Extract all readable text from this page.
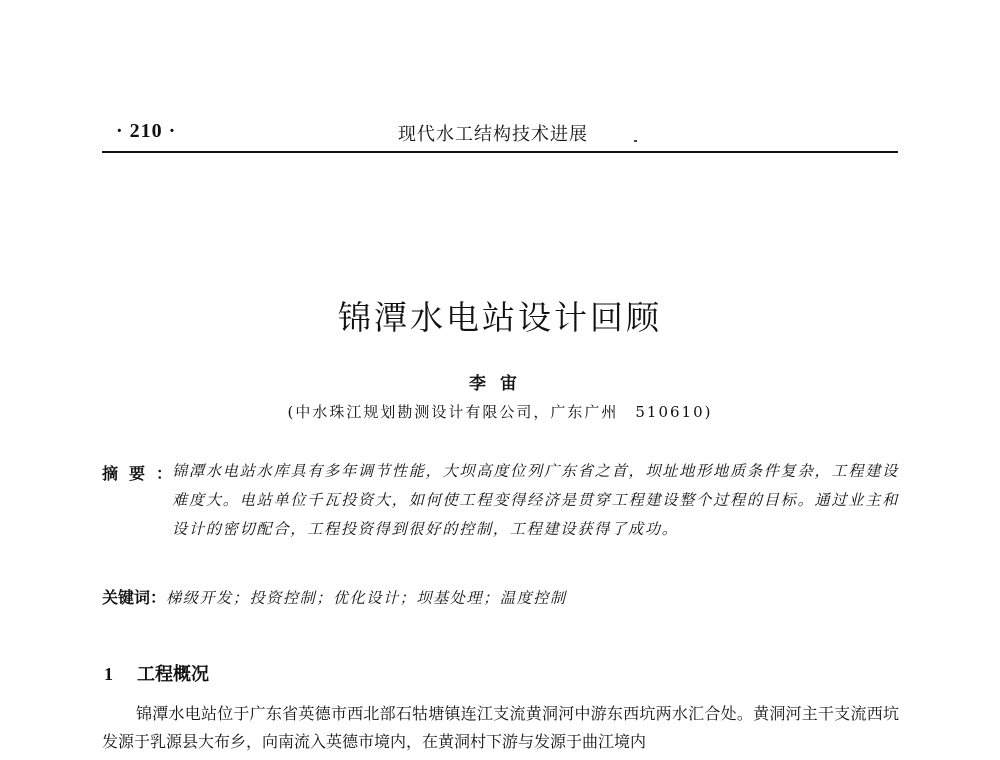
· 210 ·	现代水工结构技术进展
锦潭水电站设计回顾
李宙
(中水珠江规划勘测设计有限公司，广东广州　510610)
摘要：
锦潭水电站水库具有多年调节性能，大坝高度位列广东省之首，坝址地形地质条件复杂，工程建设难度大。电站单位千瓦投资大，如何使工程变得经济是贯穿工程建设整个过程的目标。通过业主和设计的密切配合，工程投资得到很好的控制，工程建设获得了成功。
关键词：梯级开发；投资控制；优化设计；坝基处理；温度控制
1 工程概况
锦潭水电站位于广东省英德市西北部石牯塘镇连江支流黄洞河中游东西坑两水汇合处。黄洞河主干支流西坑发源于乳源县大布乡，向南流入英德市境内，在黄洞村下游与发源于曲江境内
